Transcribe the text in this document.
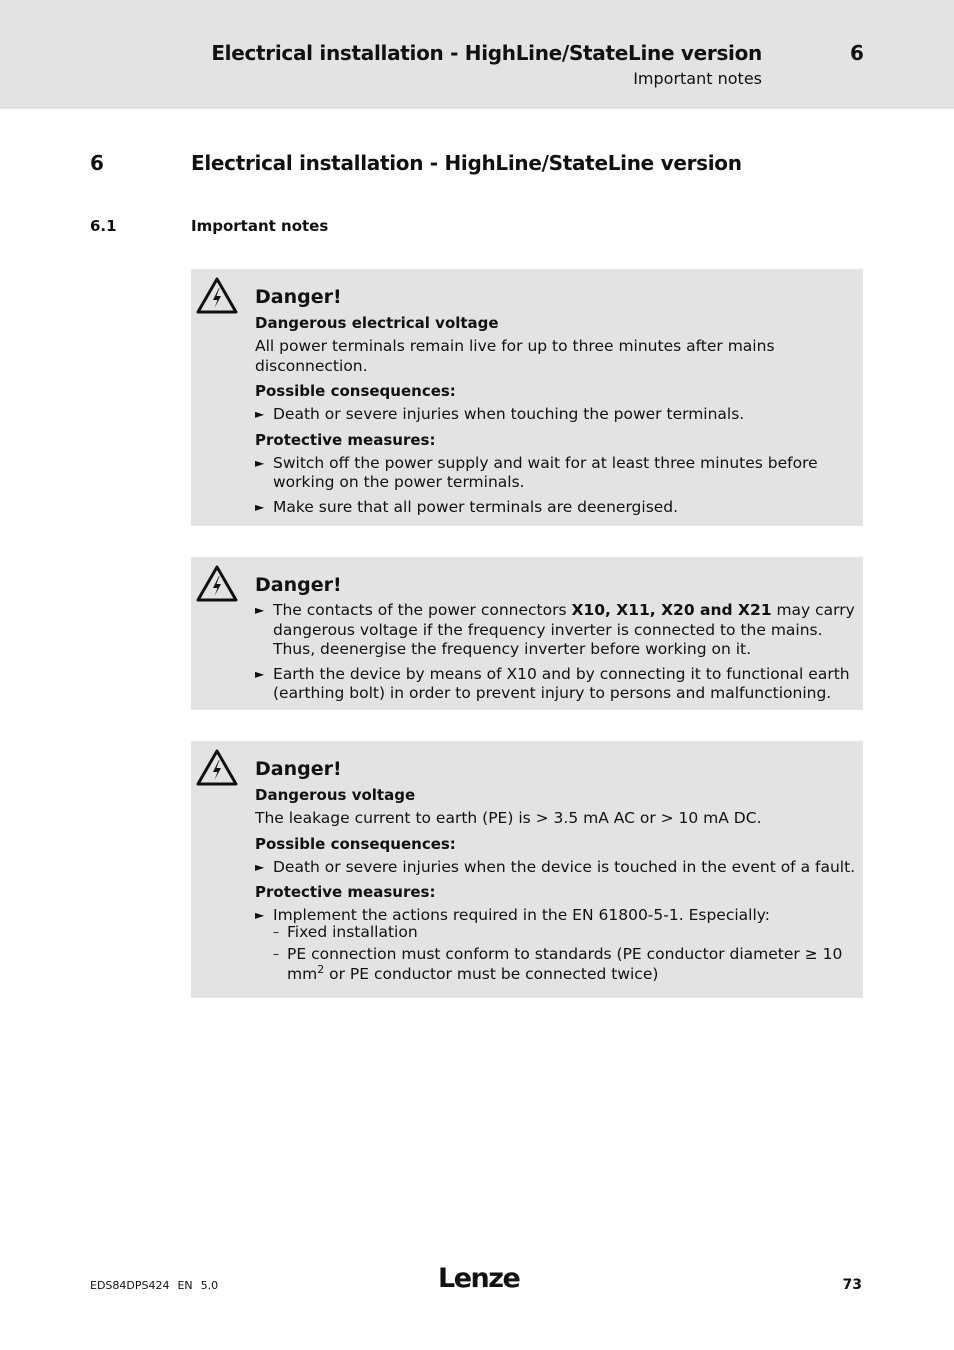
Electrical installation - HighLine/StateLine version	6
Important notes
6	Electrical installation - HighLine/StateLine version
6.1	Important notes
Danger!
Dangerous electrical voltage
All power terminals remain live for up to three minutes after mains disconnection.
Possible consequences:
► Death or severe injuries when touching the power terminals.
Protective measures:
► Switch off the power supply and wait for at least three minutes before working on the power terminals.
► Make sure that all power terminals are deenergised.
Danger!
► The contacts of the power connectors X10, X11, X20 and X21 may carry dangerous voltage if the frequency inverter is connected to the mains. Thus, deenergise the frequency inverter before working on it.
► Earth the device by means of X10 and by connecting it to functional earth (earthing bolt) in order to prevent injury to persons and malfunctioning.
Danger!
Dangerous voltage
The leakage current to earth (PE) is > 3.5 mA AC or > 10 mA DC.
Possible consequences:
► Death or severe injuries when the device is touched in the event of a fault.
Protective measures:
► Implement the actions required in the EN 61800-5-1. Especially:
– Fixed installation
– PE connection must conform to standards (PE conductor diameter ≥ 10 $mm^2$ or PE conductor must be connected twice)
EDS84DPS424 EN 5.0	Lenze	73
